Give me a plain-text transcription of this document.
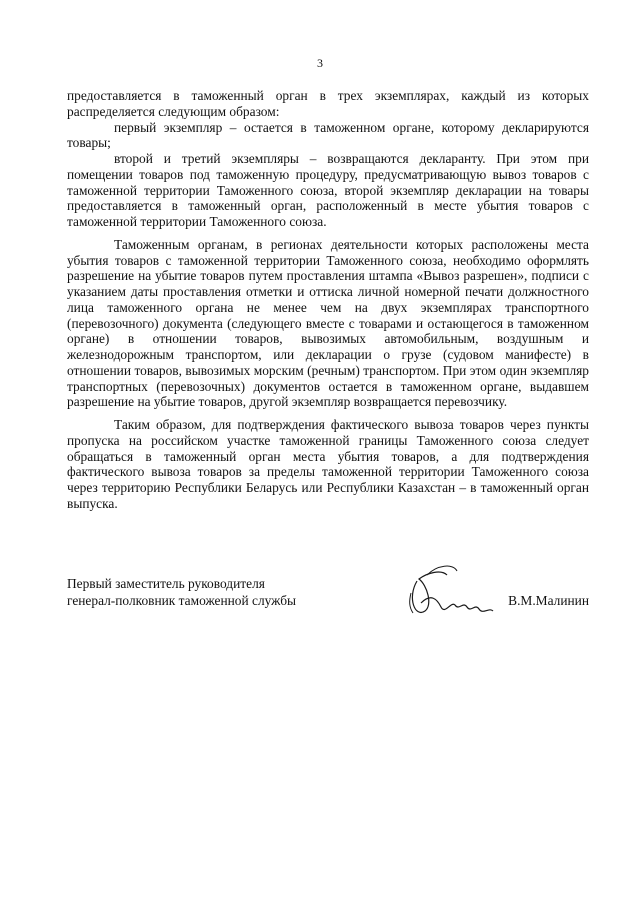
3

предоставляется в таможенный орган в трех экземплярах, каждый из которых распределяется следующим образом:

первый экземпляр – остается в таможенном органе, которому декларируются товары;

второй и третий экземпляры – возвращаются декларанту. При этом при помещении товаров под таможенную процедуру, предусматривающую вывоз товаров с таможенной территории Таможенного союза, второй экземпляр декларации на товары предоставляется в таможенный орган, расположенный в месте убытия товаров с таможенной территории Таможенного союза.

Таможенным органам, в регионах деятельности которых расположены места убытия товаров с таможенной территории Таможенного союза, необходимо оформлять разрешение на убытие товаров путем проставления штампа «Вывоз разрешен», подписи с указанием даты проставления отметки и оттиска личной номерной печати должностного лица таможенного органа не менее чем на двух экземплярах транспортного (перевозочного) документа (следующего вместе с товарами и остающегося в таможенном органе) в отношении товаров, вывозимых автомобильным, воздушным и железнодорожным транспортом, или декларации о грузе (судовом манифесте) в отношении товаров, вывозимых морским (речным) транспортом. При этом один экземпляр транспортных (перевозочных) документов остается в таможенном органе, выдавшем разрешение на убытие товаров, другой экземпляр возвращается перевозчику.

Таким образом, для подтверждения фактического вывоза товаров через пункты пропуска на российском участке таможенной границы Таможенного союза следует обращаться в таможенный орган места убытия товаров, а для подтверждения фактического вывоза товаров за пределы таможенной территории Таможенного союза через территорию Республики Беларусь или Республики Казахстан – в таможенный орган выпуска.

Первый заместитель руководителя
генерал-полковник таможенной службы	В.М.Малинин
